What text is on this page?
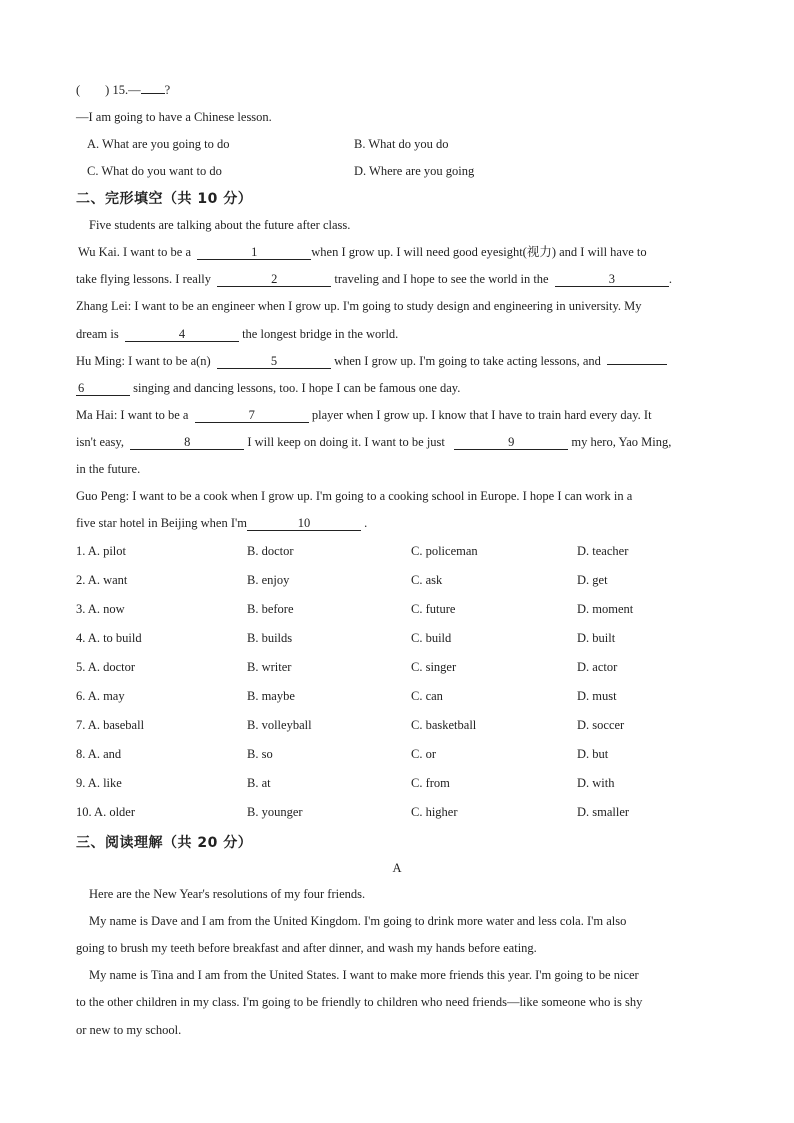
(　　) 15.— ?
—I am going to have a Chinese lesson.
A. What are you going to do	B. What do you do
C. What do you want to do	D. Where are you going
二、完形填空（共 10 分）
Five students are talking about the future after class.
Wu Kai. I want to be a	1	when I grow up. I will need good eyesight(视力) and I will have to
take flying lessons. I really	2	traveling and I hope to see the world in the	3	.
Zhang Lei: I want to be an engineer when I grow up. I'm going to study design and engineering in university. My
dream is	4	the longest bridge in the world.
Hu Ming: I want to be a(n)	5	when I grow up. I'm going to take acting lessons, and
6	singing and dancing lessons, too. I hope I can be famous one day.
Ma Hai: I want to be a	7	player when I grow up. I know that I have to train hard every day. It
isn't easy,	8	I will keep on doing it. I want to be just	9	my hero, Yao Ming,
in the future.
Guo Peng: I want to be a cook when I grow up. I'm going to a cooking school in Europe. I hope I can work in a
five star hotel in Beijing when I'm	10	.
1. A. pilot	B. doctor	C. policeman	D. teacher
2. A. want	B. enjoy	C. ask	D. get
3. A. now	B. before	C. future	D. moment
4. A. to build	B. builds	C. build	D. built
5. A. doctor	B. writer	C. singer	D. actor
6. A. may	B. maybe	C. can	D. must
7. A. baseball	B. volleyball	C. basketball	D. soccer
8. A. and	B. so	C. or	D. but
9. A. like	B. at	C. from	D. with
10. A. older	B. younger	C. higher	D. smaller
三、阅读理解（共 20 分）
A
Here are the New Year's resolutions of my four friends.
My name is Dave and I am from the United Kingdom. I'm going to drink more water and less cola. I'm also
going to brush my teeth before breakfast and after dinner, and wash my hands before eating.
My name is Tina and I am from the United States. I want to make more friends this year. I'm going to be nicer
to the other children in my class. I'm going to be friendly to children who need friends—like someone who is shy
or new to my school.
